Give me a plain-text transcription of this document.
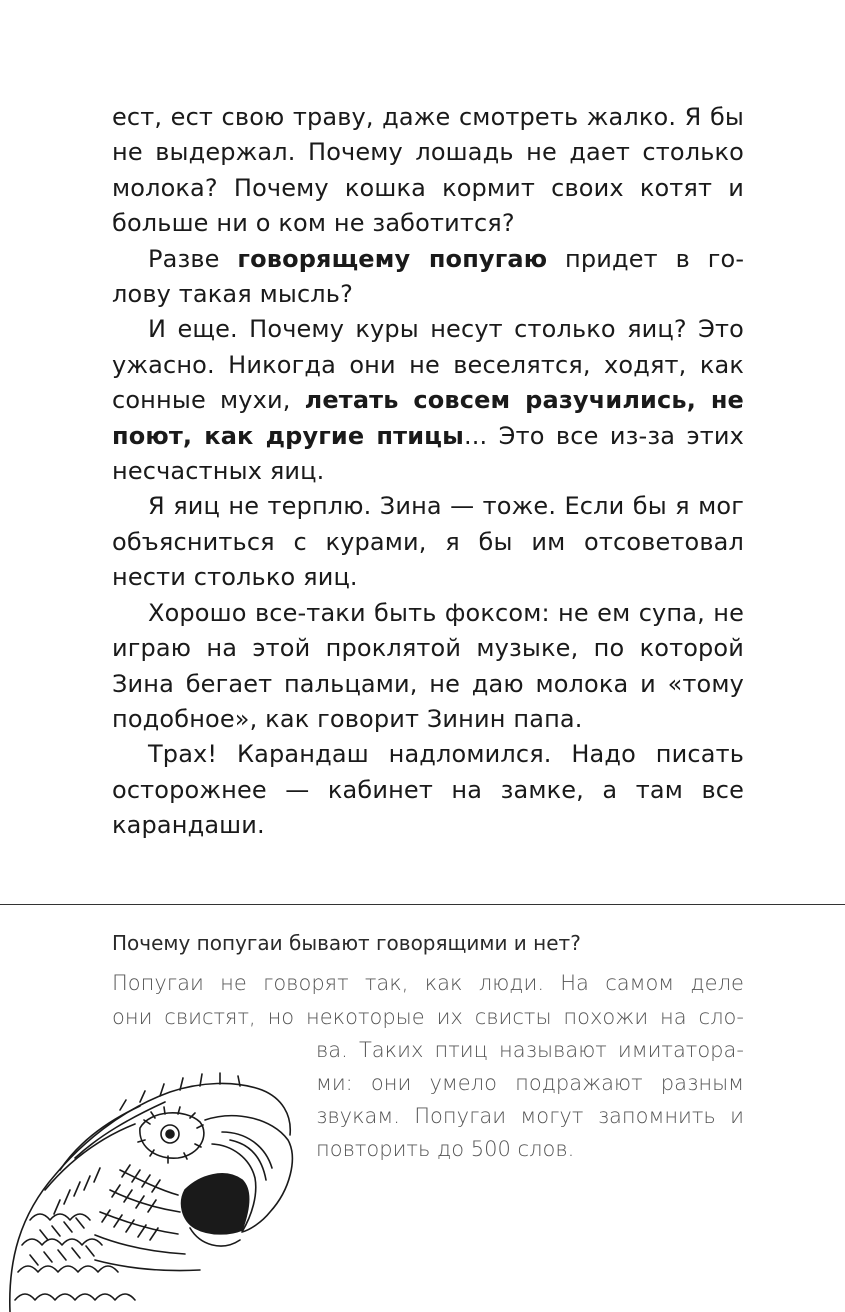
ест, ест свою траву, даже смотреть жалко. Я бы не выдержал. Почему лошадь не дает столько молока? Почему кошка кормит своих котят и больше ни о ком не заботится?

Разве говорящему попугаю придет в голову такая мысль?

И еще. Почему куры несут столько яиц? Это ужасно. Никогда они не веселятся, ходят, как сонные мухи, летать совсем разучились, не поют, как другие птицы... Это все из-за этих несчастных яиц.

Я яиц не терплю. Зина — тоже. Если бы я мог объясниться с курами, я бы им отсоветовал нести столько яиц.

Хорошо все-таки быть фоксом: не ем супа, не играю на этой проклятой музыке, по которой Зина бегает пальцами, не даю молока и «тому подобное», как говорит Зинин папа.

Трах! Карандаш надломился. Надо писать осторожнее — кабинет на замке, а там все карандаши.

Почему попугаи бывают говорящими и нет?
Попугаи не говорят так, как люди. На самом деле
они свистят, но некоторые их свисты похожи на сло-
ва. Таких птиц называют имитатора-
ми: они умело подражают разным
звукам. Попугаи могут запомнить и
повторить до 500 слов.
